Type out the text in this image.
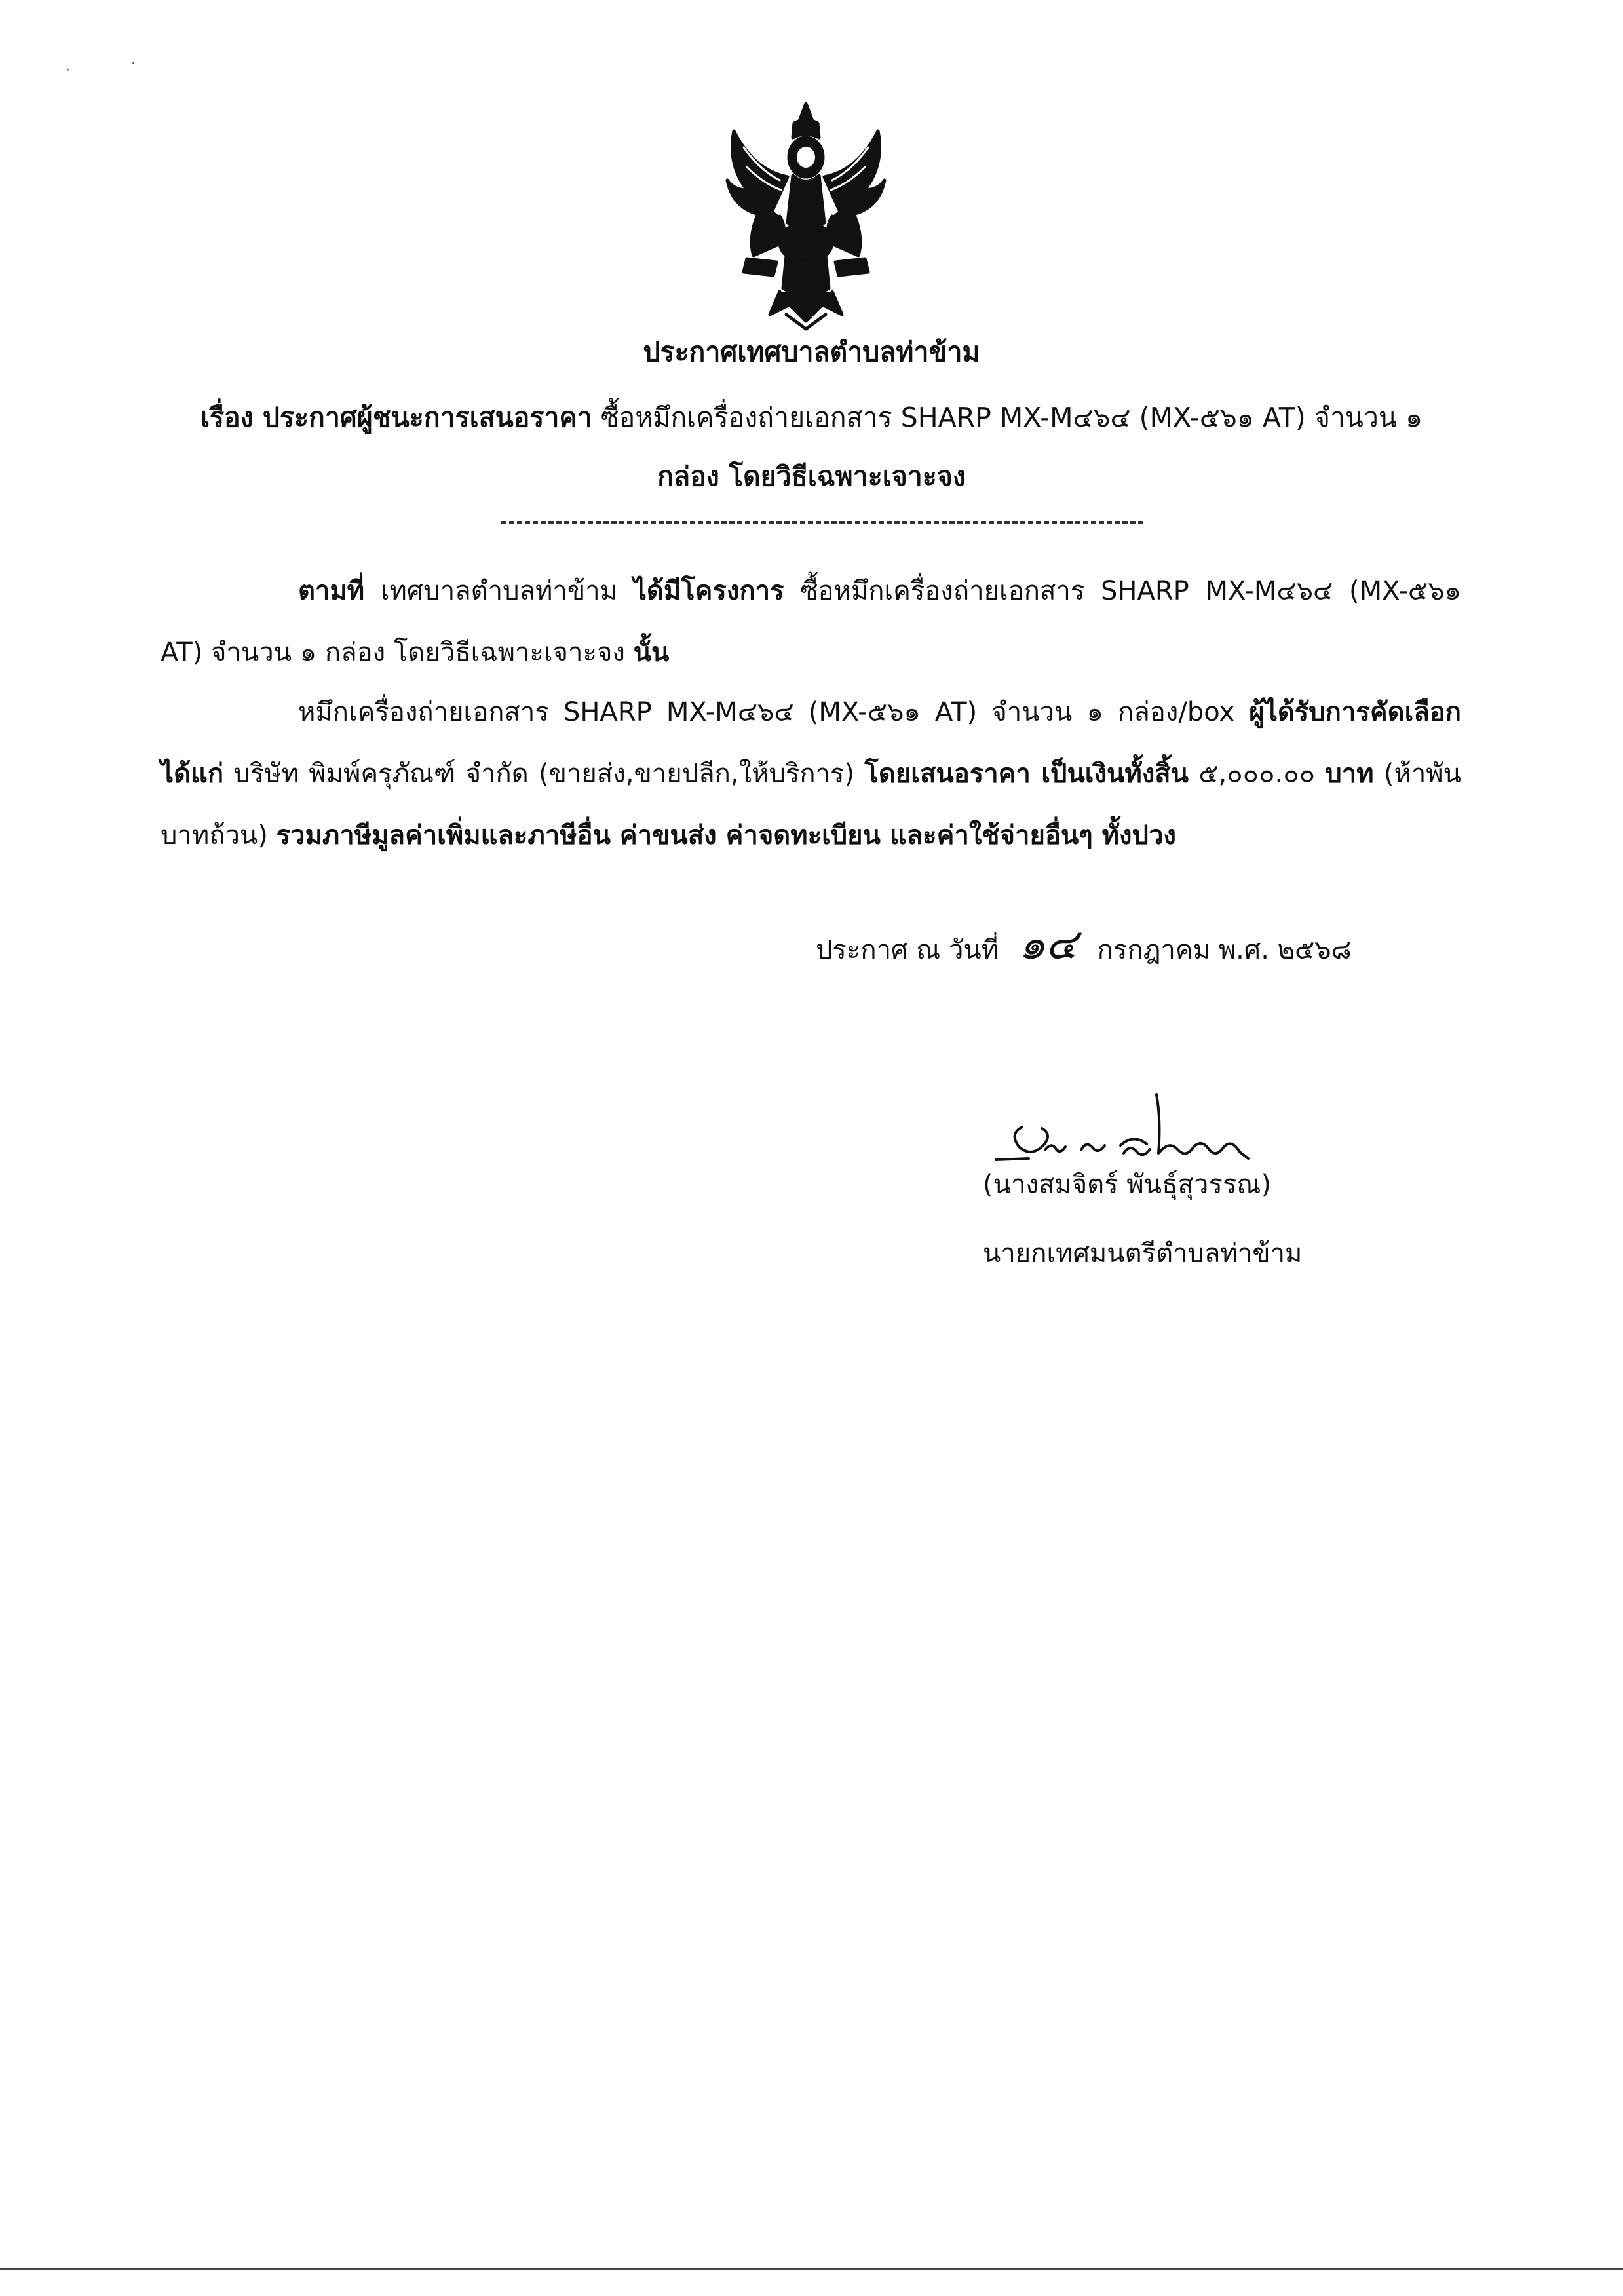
·	·
ประกาศเทศบาลตำบลท่าข้าม
เรื่อง ประกาศผู้ชนะการเสนอราคา ซื้อหมึกเครื่องถ่ายเอกสาร SHARP MX-M๔๖๔ (MX-๕๖๑ AT) จำนวน ๑
กล่อง โดยวิธีเฉพาะเจาะจง
ตามที่ เทศบาลตำบลท่าข้าม ได้มีโครงการ ซื้อหมึกเครื่องถ่ายเอกสาร SHARP MX-M๔๖๔ (MX-๕๖๑ AT) จำนวน ๑ กล่อง โดยวิธีเฉพาะเจาะจง นั้น
หมึกเครื่องถ่ายเอกสาร SHARP MX-M๔๖๔ (MX-๕๖๑ AT) จำนวน ๑ กล่อง/box ผู้ได้รับการคัดเลือก ได้แก่ บริษัท พิมพ์ครุภัณฑ์ จำกัด (ขายส่ง,ขายปลีก,ให้บริการ) โดยเสนอราคา เป็นเงินทั้งสิ้น ๕,๐๐๐.๐๐ บาท (ห้าพันบาทถ้วน) รวมภาษีมูลค่าเพิ่มและภาษีอื่น ค่าขนส่ง ค่าจดทะเบียน และค่าใช้จ่ายอื่นๆ ทั้งปวง
ประกาศ ณ วันที่ ๑๔ กรกฎาคม พ.ศ. ๒๕๖๘
(นางสมจิตร์ พันธุ์สุวรรณ)
นายกเทศมนตรีตำบลท่าข้าม
